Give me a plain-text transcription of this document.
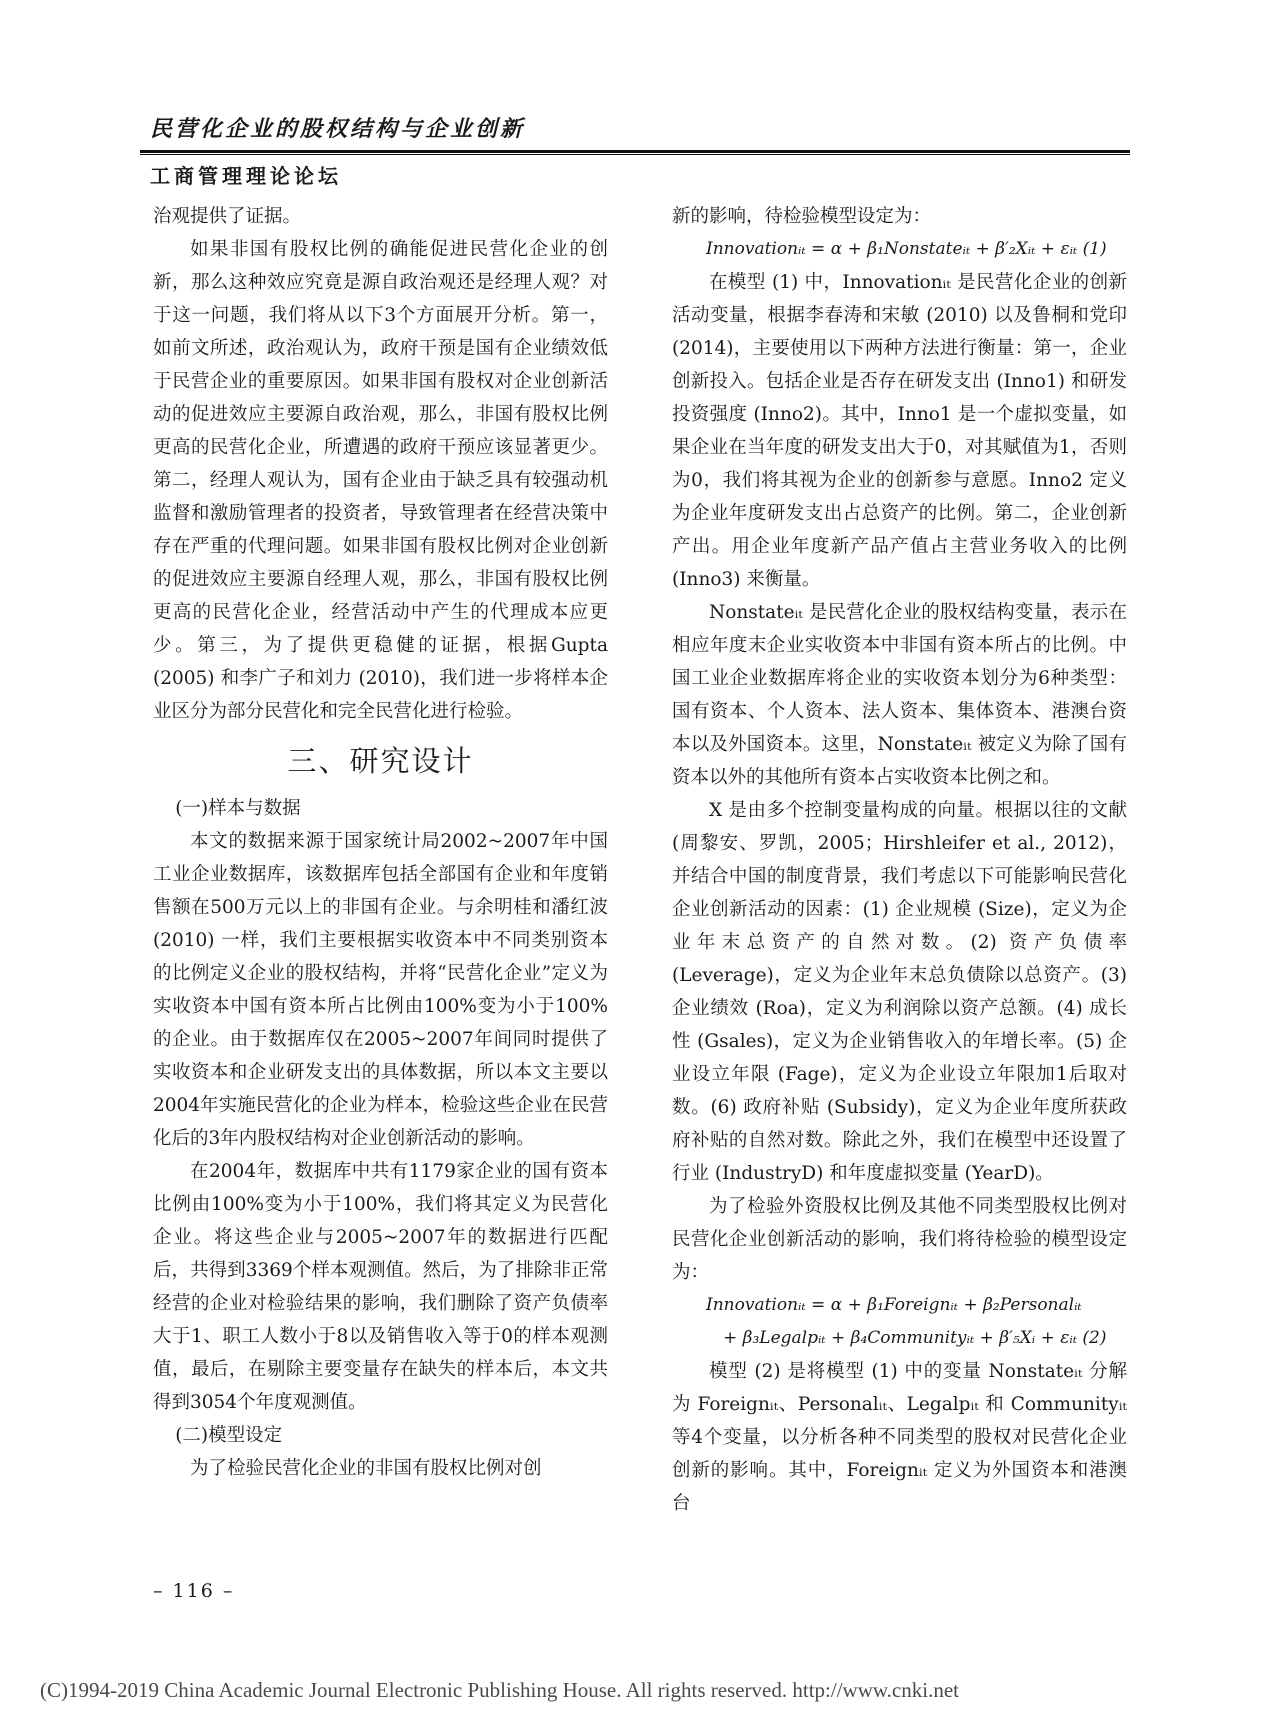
民营化企业的股权结构与企业创新
工商管理理论论坛

治观提供了证据。

如果非国有股权比例的确能促进民营化企业的创新，那么这种效应究竟是源自政治观还是经理人观？对于这一问题，我们将从以下3个方面展开分析。第一，如前文所述，政治观认为，政府干预是国有企业绩效低于民营企业的重要原因。如果非国有股权对企业创新活动的促进效应主要源自政治观，那么，非国有股权比例更高的民营化企业，所遭遇的政府干预应该显著更少。第二，经理人观认为，国有企业由于缺乏具有较强动机监督和激励管理者的投资者，导致管理者在经营决策中存在严重的代理问题。如果非国有股权比例对企业创新的促进效应主要源自经理人观，那么，非国有股权比例更高的民营化企业，经营活动中产生的代理成本应更少。第三，为了提供更稳健的证据，根据Gupta (2005) 和李广子和刘力 (2010)，我们进一步将样本企业区分为部分民营化和完全民营化进行检验。

三、研究设计

(一)样本与数据

本文的数据来源于国家统计局2002~2007年中国工业企业数据库，该数据库包括全部国有企业和年度销售额在500万元以上的非国有企业。与余明桂和潘红波 (2010) 一样，我们主要根据实收资本中不同类别资本的比例定义企业的股权结构，并将“民营化企业”定义为实收资本中国有资本所占比例由100%变为小于100%的企业。由于数据库仅在2005~2007年间同时提供了实收资本和企业研发支出的具体数据，所以本文主要以2004年实施民营化的企业为样本，检验这些企业在民营化后的3年内股权结构对企业创新活动的影响。

在2004年，数据库中共有1179家企业的国有资本比例由100%变为小于100%，我们将其定义为民营化企业。将这些企业与2005~2007年的数据进行匹配后，共得到3369个样本观测值。然后，为了排除非正常经营的企业对检验结果的影响，我们删除了资产负债率大于1、职工人数小于8以及销售收入等于0的样本观测值，最后，在剔除主要变量存在缺失的样本后，本文共得到3054个年度观测值。

(二)模型设定

为了检验民营化企业的非国有股权比例对创

新的影响，待检验模型设定为：

Innovationᵢₜ = α + β₁Nonstateᵢₜ + β′₂Xᵢₜ + εᵢₜ (1)

在模型 (1) 中，Innovationᵢₜ 是民营化企业的创新活动变量，根据李春涛和宋敏 (2010) 以及鲁桐和党印 (2014)，主要使用以下两种方法进行衡量：第一，企业创新投入。包括企业是否存在研发支出 (Inno1) 和研发投资强度 (Inno2)。其中，Inno1 是一个虚拟变量，如果企业在当年度的研发支出大于0，对其赋值为1，否则为0，我们将其视为企业的创新参与意愿。Inno2 定义为企业年度研发支出占总资产的比例。第二，企业创新产出。用企业年度新产品产值占主营业务收入的比例 (Inno3) 来衡量。

Nonstateᵢₜ 是民营化企业的股权结构变量，表示在相应年度末企业实收资本中非国有资本所占的比例。中国工业企业数据库将企业的实收资本划分为6种类型：国有资本、个人资本、法人资本、集体资本、港澳台资本以及外国资本。这里，Nonstateᵢₜ 被定义为除了国有资本以外的其他所有资本占实收资本比例之和。

X 是由多个控制变量构成的向量。根据以往的文献 (周黎安、罗凯，2005；Hirshleifer et al., 2012)，并结合中国的制度背景，我们考虑以下可能影响民营化企业创新活动的因素：(1) 企业规模 (Size)，定义为企业年末总资产的自然对数。(2) 资产负债率 (Leverage)，定义为企业年末总负债除以总资产。(3) 企业绩效 (Roa)，定义为利润除以资产总额。(4) 成长性 (Gsales)，定义为企业销售收入的年增长率。(5) 企业设立年限 (Fage)，定义为企业设立年限加1后取对数。(6) 政府补贴 (Subsidy)，定义为企业年度所获政府补贴的自然对数。除此之外，我们在模型中还设置了行业 (IndustryD) 和年度虚拟变量 (YearD)。

为了检验外资股权比例及其他不同类型股权比例对民营化企业创新活动的影响，我们将待检验的模型设定为：

Innovationᵢₜ = α + β₁Foreignᵢₜ + β₂Personalᵢₜ
+ β₃Legalpᵢₜ + β₄Communityᵢₜ + β′₅Xᵢ + εᵢₜ (2)

模型 (2) 是将模型 (1) 中的变量 Nonstateᵢₜ 分解为 Foreignᵢₜ、Personalᵢₜ、Legalpᵢₜ 和 Communityᵢₜ 等4个变量，以分析各种不同类型的股权对民营化企业创新的影响。其中，Foreignᵢₜ 定义为外国资本和港澳台

– 116 –
(C)1994-2019 China Academic Journal Electronic Publishing House. All rights reserved. http://www.cnki.net
